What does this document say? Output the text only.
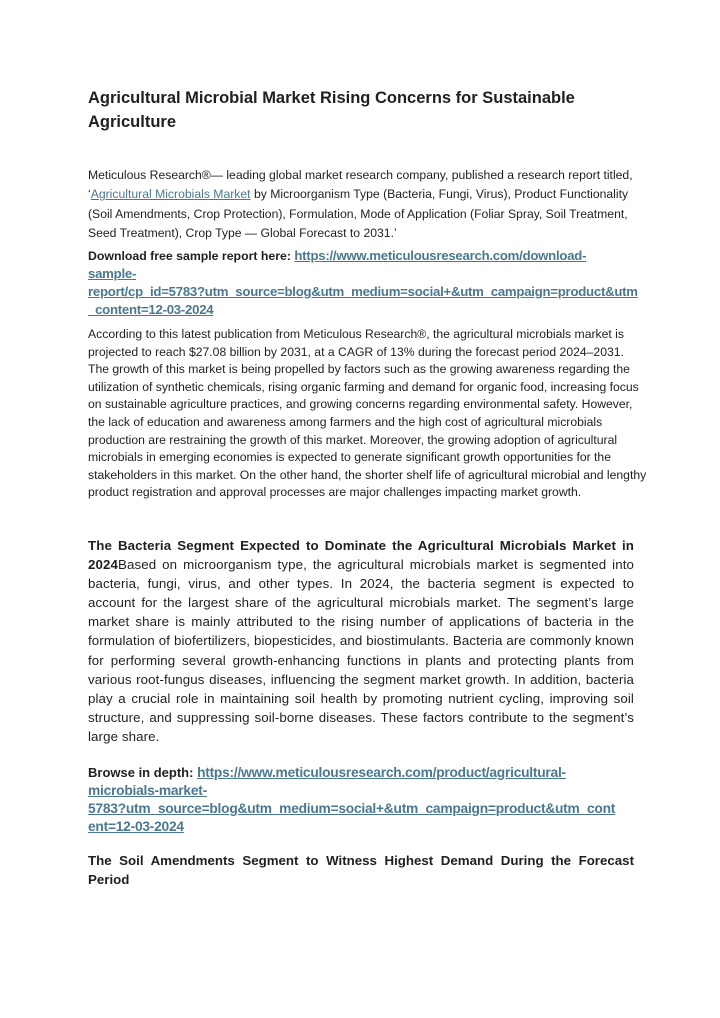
Agricultural Microbial Market Rising Concerns for Sustainable Agriculture
Meticulous Research®— leading global market research company, published a research report titled, ‘Agricultural Microbials Market by Microorganism Type (Bacteria, Fungi, Virus), Product Functionality (Soil Amendments, Crop Protection), Formulation, Mode of Application (Foliar Spray, Soil Treatment, Seed Treatment), Crop Type — Global Forecast to 2031.’
Download free sample report here: https://www.meticulousresearch.com/download-
sample-
report/cp_id=5783?utm_source=blog&utm_medium=social+&utm_campaign=product&utm
_content=12-03-2024
According to this latest publication from Meticulous Research®, the agricultural microbials market is projected to reach $27.08 billion by 2031, at a CAGR of 13% during the forecast period 2024–2031. The growth of this market is being propelled by factors such as the growing awareness regarding the utilization of synthetic chemicals, rising organic farming and demand for organic food, increasing focus on sustainable agriculture practices, and growing concerns regarding environmental safety. However, the lack of education and awareness among farmers and the high cost of agricultural microbials production are restraining the growth of this market. Moreover, the growing adoption of agricultural microbials in emerging economies is expected to generate significant growth opportunities for the stakeholders in this market. On the other hand, the shorter shelf life of agricultural microbial and lengthy product registration and approval processes are major challenges impacting market growth.
The Bacteria Segment Expected to Dominate the Agricultural Microbials Market in 2024Based on microorganism type, the agricultural microbials market is segmented into bacteria, fungi, virus, and other types. In 2024, the bacteria segment is expected to account for the largest share of the agricultural microbials market. The segment’s large market share is mainly attributed to the rising number of applications of bacteria in the formulation of biofertilizers, biopesticides, and biostimulants. Bacteria are commonly known for performing several growth-enhancing functions in plants and protecting plants from various root-fungus diseases, influencing the segment market growth. In addition, bacteria play a crucial role in maintaining soil health by promoting nutrient cycling, improving soil structure, and suppressing soil-borne diseases. These factors contribute to the segment’s large share.
Browse in depth: https://www.meticulousresearch.com/product/agricultural-
microbials-market-
5783?utm_source=blog&utm_medium=social+&utm_campaign=product&utm_cont
ent=12-03-2024
The Soil Amendments Segment to Witness Highest Demand During the Forecast Period
